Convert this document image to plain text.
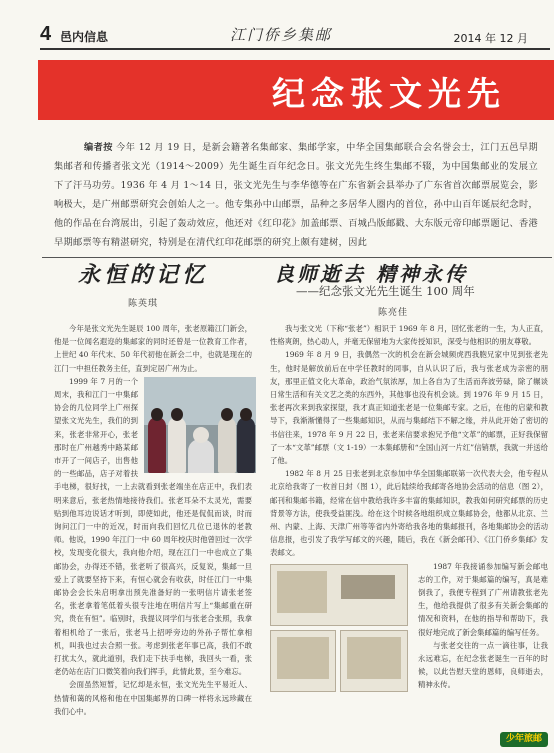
4 邑内信息	江门侨乡集邮	2014 年 12 月
纪念张文光先
编者按 今年 12 月 19 日，是新会籍著名集邮家、集邮学家，中华全国集邮联合会名誉会士，江门五邑早期集邮者和传播者张文光（1914～2009）先生诞生百年纪念日。张文光先生终生集邮不辍，为中国集邮业的发展立下了汗马功劳。1936 年 4 月 1～14 日，张文光先生与李华德等在广东省新会县举办了广东省首次邮票展览会，影响极大，是广州邮票研究会创始人之一。他专集孙中山邮票，品种之多居华人圈内的首位，孙中山百年诞辰纪念时，他的作品在台湾展出，引起了轰动效应，他还对《红印花》加盖邮票、百城凸版邮戳、大东版元帝印邮票题记、香港早期邮票等有精湛研究，特别是在清代红印花邮票的研究上颇有建树，因此
永恒的记忆
陈英琪

今年是张文光先生诞辰 100 周年，张老原籍江门新会，他是一位闻名遐迩的集邮家的同时还曾是一位教育工作者，上世纪 40 年代末、50 年代初他在新会二中，也就是现在的江门一中担任教务主任，直到定居广州为止。

1999 年 7 月的一个周末，我和江门一中集邮协会的几位同学上广州探望张文光先生，我们的到来，张老非常开心，张老那时在广州越秀中路某邮市开了一间店子，出售他的一些邮品，店子对着扶手电梯，很好找，一上去就看到张老端坐在店正中，我们表明来意后，张老热情地接待我们。张老耳朵不太灵光，需要贴到他耳边说话才听到，即使如此，他还是侃侃而谈，时而询问江门一中的近况，时而向我们回忆几位已退休的老教师。他说，1990 年江门一中 60 周年校庆时他曾回过一次学校，发现变化很大，我向他介绍，现在江门一中也成立了集邮协会，办得还不错，张老听了很高兴，反复说，集邮一旦爱上了就要坚持下来，有恒心就会有收获，时任江门一中集邮协会会长朱启明拿出预先准备好的一张明信片请张老签名，张老拿着笔低着头很专注地在明信片写上“集邮重在研究，贵在有恒”。临别时，我提议同学们与张老合张照，我拿着相机给了一张后，张老马上招呼旁边的外孙子帮忙拿相机，叫我也过去合照一张。考虑到张老年事已高，我们不敢打扰太久，就此道别，我们走下扶手电梯，我回头一看，张老仍站在店门口微笑着向我们挥手，此情此景，至今难忘。

会面虽然短暂，记忆却是永恒，张文光先生平易近人、热情和蔼的风格和他在中国集邮界的口碑一样将永远珍藏在我们心中。

良师逝去 精神永传
——纪念张文光先生诞生 100 周年
陈亮佳

我与张文光（下称“张老”）相识于 1969 年 8 月，回忆张老的一生，为人正直，性格爽朗，热心助人，并毫无保留地为大家传授知识，深受与他相识的朋友尊敬。

1969 年 8 月 9 日，我偶然一次的机会在新会城频虎西我胞兄家中见到张老先生，他时是解放前后在中学任教时的同事，自从认识了后，我与张老成为亲密的朋友，那里正值文化大革命，政治气氛浓厚，加上各自为了生活而奔波劳碌，除了辗谈日常生活和有关文艺之类的东西外，其他事也没有机会谈。到 1976 年 9 月 15 日，张老再次来到我家探望，我才真正知道张老是一位集邮专家。之后，在他的启蒙和教导下，我渐渐懂得了一些集邮知识，从而与集邮结下不解之缘，并从此开始了密切的书信往来，1978 年 9 月 22 日，张老来信要求抱兄予他“文革”的邮票，正好我保留了一本“文革”邮票（文 1-19）一本集邮册和“全国山河一片红”信销票，我就一并送给了他。

1982 年 8 月 25 日张老到北京参加中华全国集邮联第一次代表大会，他专程从北京给我寄了一枚首日封（图 1），此后陆续给我邮寄各地协会活动的信息（图 2），邮刊和集邮书籍，经常在信中教给我许多丰富的集邮知识，教我如何研究邮票的历史背景等方法，使我受益匪浅。给在这个时候各地组织成立集邮协会，他都从北京、兰州、内蒙、上海、天津广州等等省内外寄给我各地的集邮报刊，各地集邮协会的活动信息报，也引发了我学写邮文的兴趣，随后，我在《新会邮刊》、《江门侨乡集邮》发表邮文。

1987 年我接诵参加编写新会邮电志的工作，对于集邮篇的编写，真是难倒我了，我便专程到了广州请教张老先生，他给我提供了很多有关新会集邮的情况和资料，在他的指导和帮助下，我很好地完成了新会集邮篇的编写任务。

与张老交往的一点一滴往事，让我永远难忘，在纪念张老诞生一百年的时候，以此告慰天堂的恩师，良师逝去，精神永传。

少年旅邮
